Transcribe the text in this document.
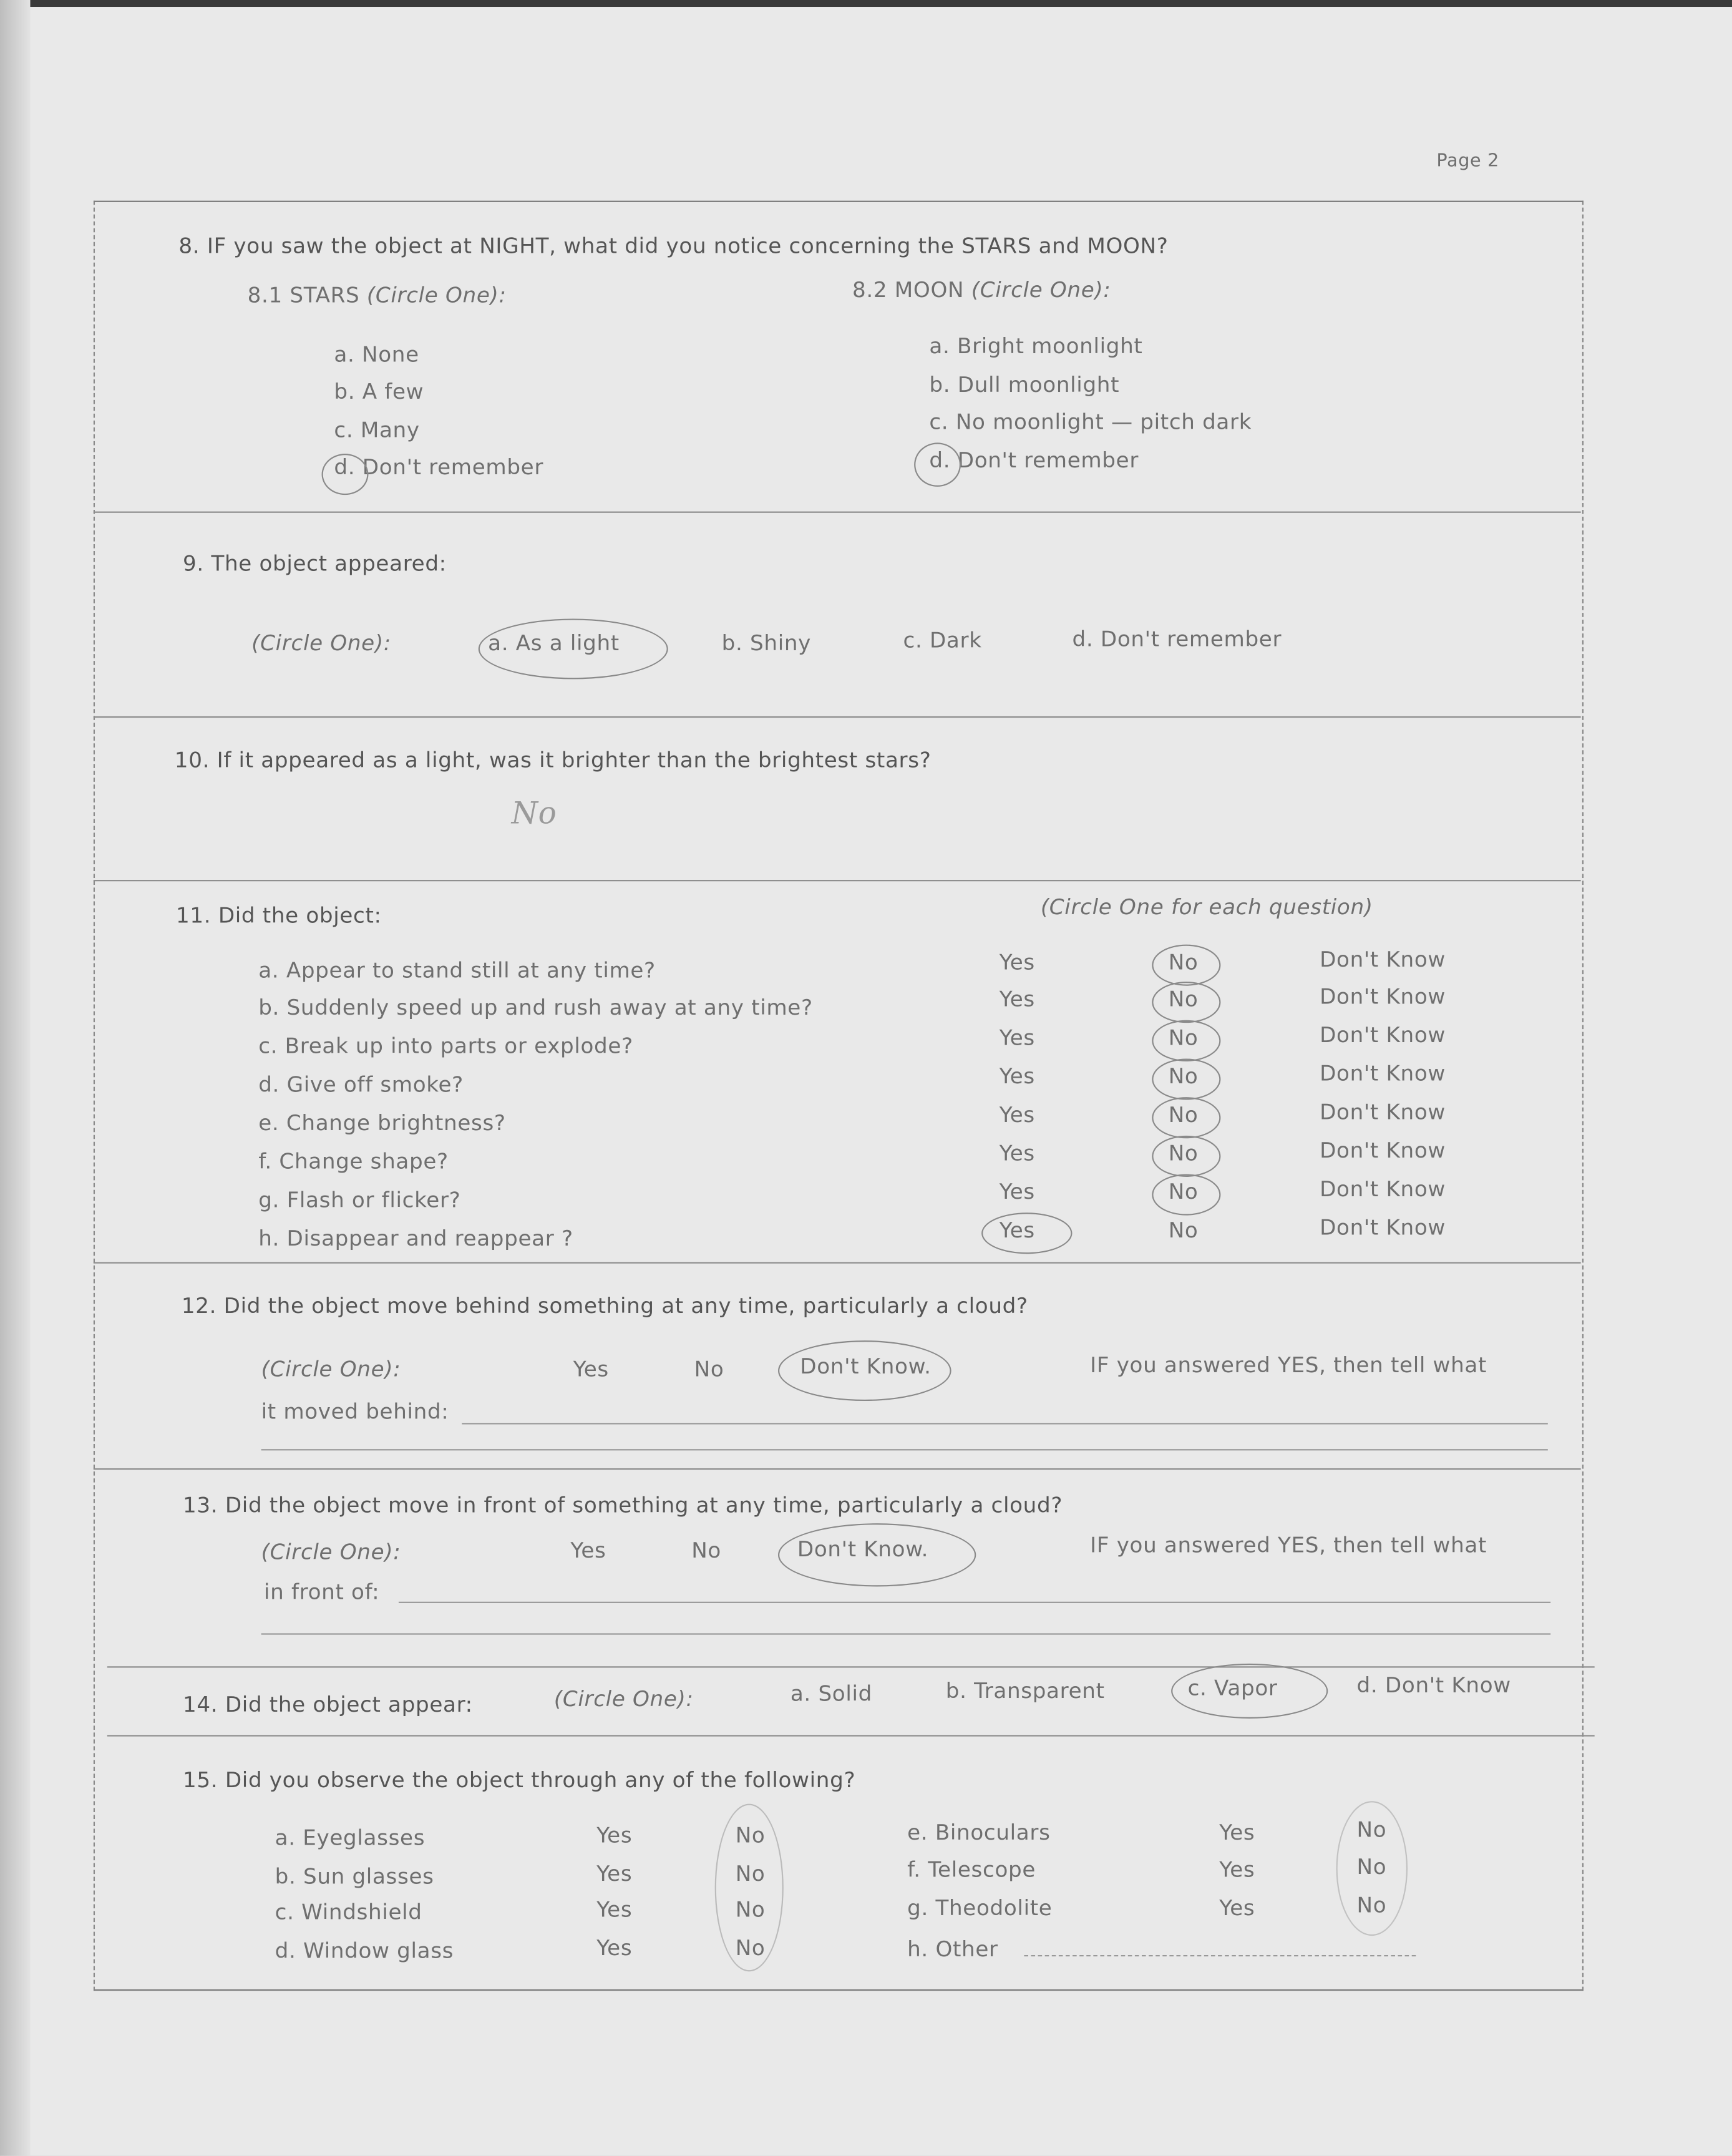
Page 2
8. IF you saw the object at NIGHT, what did you notice concerning the STARS and MOON?
8.1 STARS (Circle One):	8.2 MOON (Circle One):
a. None
b. A few
c. Many
d. Don't remember
a. Bright moonlight
b. Dull moonlight
c. No moonlight — pitch dark
d. Don't remember
9. The object appeared:
(Circle One):	a. As a light	b. Shiny	c. Dark	d. Don't remember
10. If it appeared as a light, was it brighter than the brightest stars?
No
11. Did the object:	(Circle One for each question)
12. Did the object move behind something at any time, particularly a cloud?
(Circle One):	Yes	No	Don't Know.	IF you answered YES, then tell what
it moved behind:
13. Did the object move in front of something at any time, particularly a cloud?
(Circle One):	Yes	No	Don't Know.	IF you answered YES, then tell what
in front of:
14. Did the object appear:	(Circle One):	a. Solid	b. Transparent	c. Vapor	d. Don't Know
15. Did you observe the object through any of the following?
h. Other
a. Appear to stand still at any time?	Yes	No	Don't Know
b. Suddenly speed up and rush away at any time?	Yes	No	Don't Know
c. Break up into parts or explode?	Yes	No	Don't Know
d. Give off smoke?	Yes	No	Don't Know
e. Change brightness?	Yes	No	Don't Know
f. Change shape?	Yes	No	Don't Know
g. Flash or flicker?	Yes	No	Don't Know
h. Disappear and reappear ?	Yes	No	Don't Know
a. Eyeglasses	Yes	No
b. Sun glasses	Yes	No
c. Windshield	Yes	No
d. Window glass	Yes	No
e. Binoculars	Yes	No
f. Telescope	Yes	No
g. Theodolite	Yes	No
